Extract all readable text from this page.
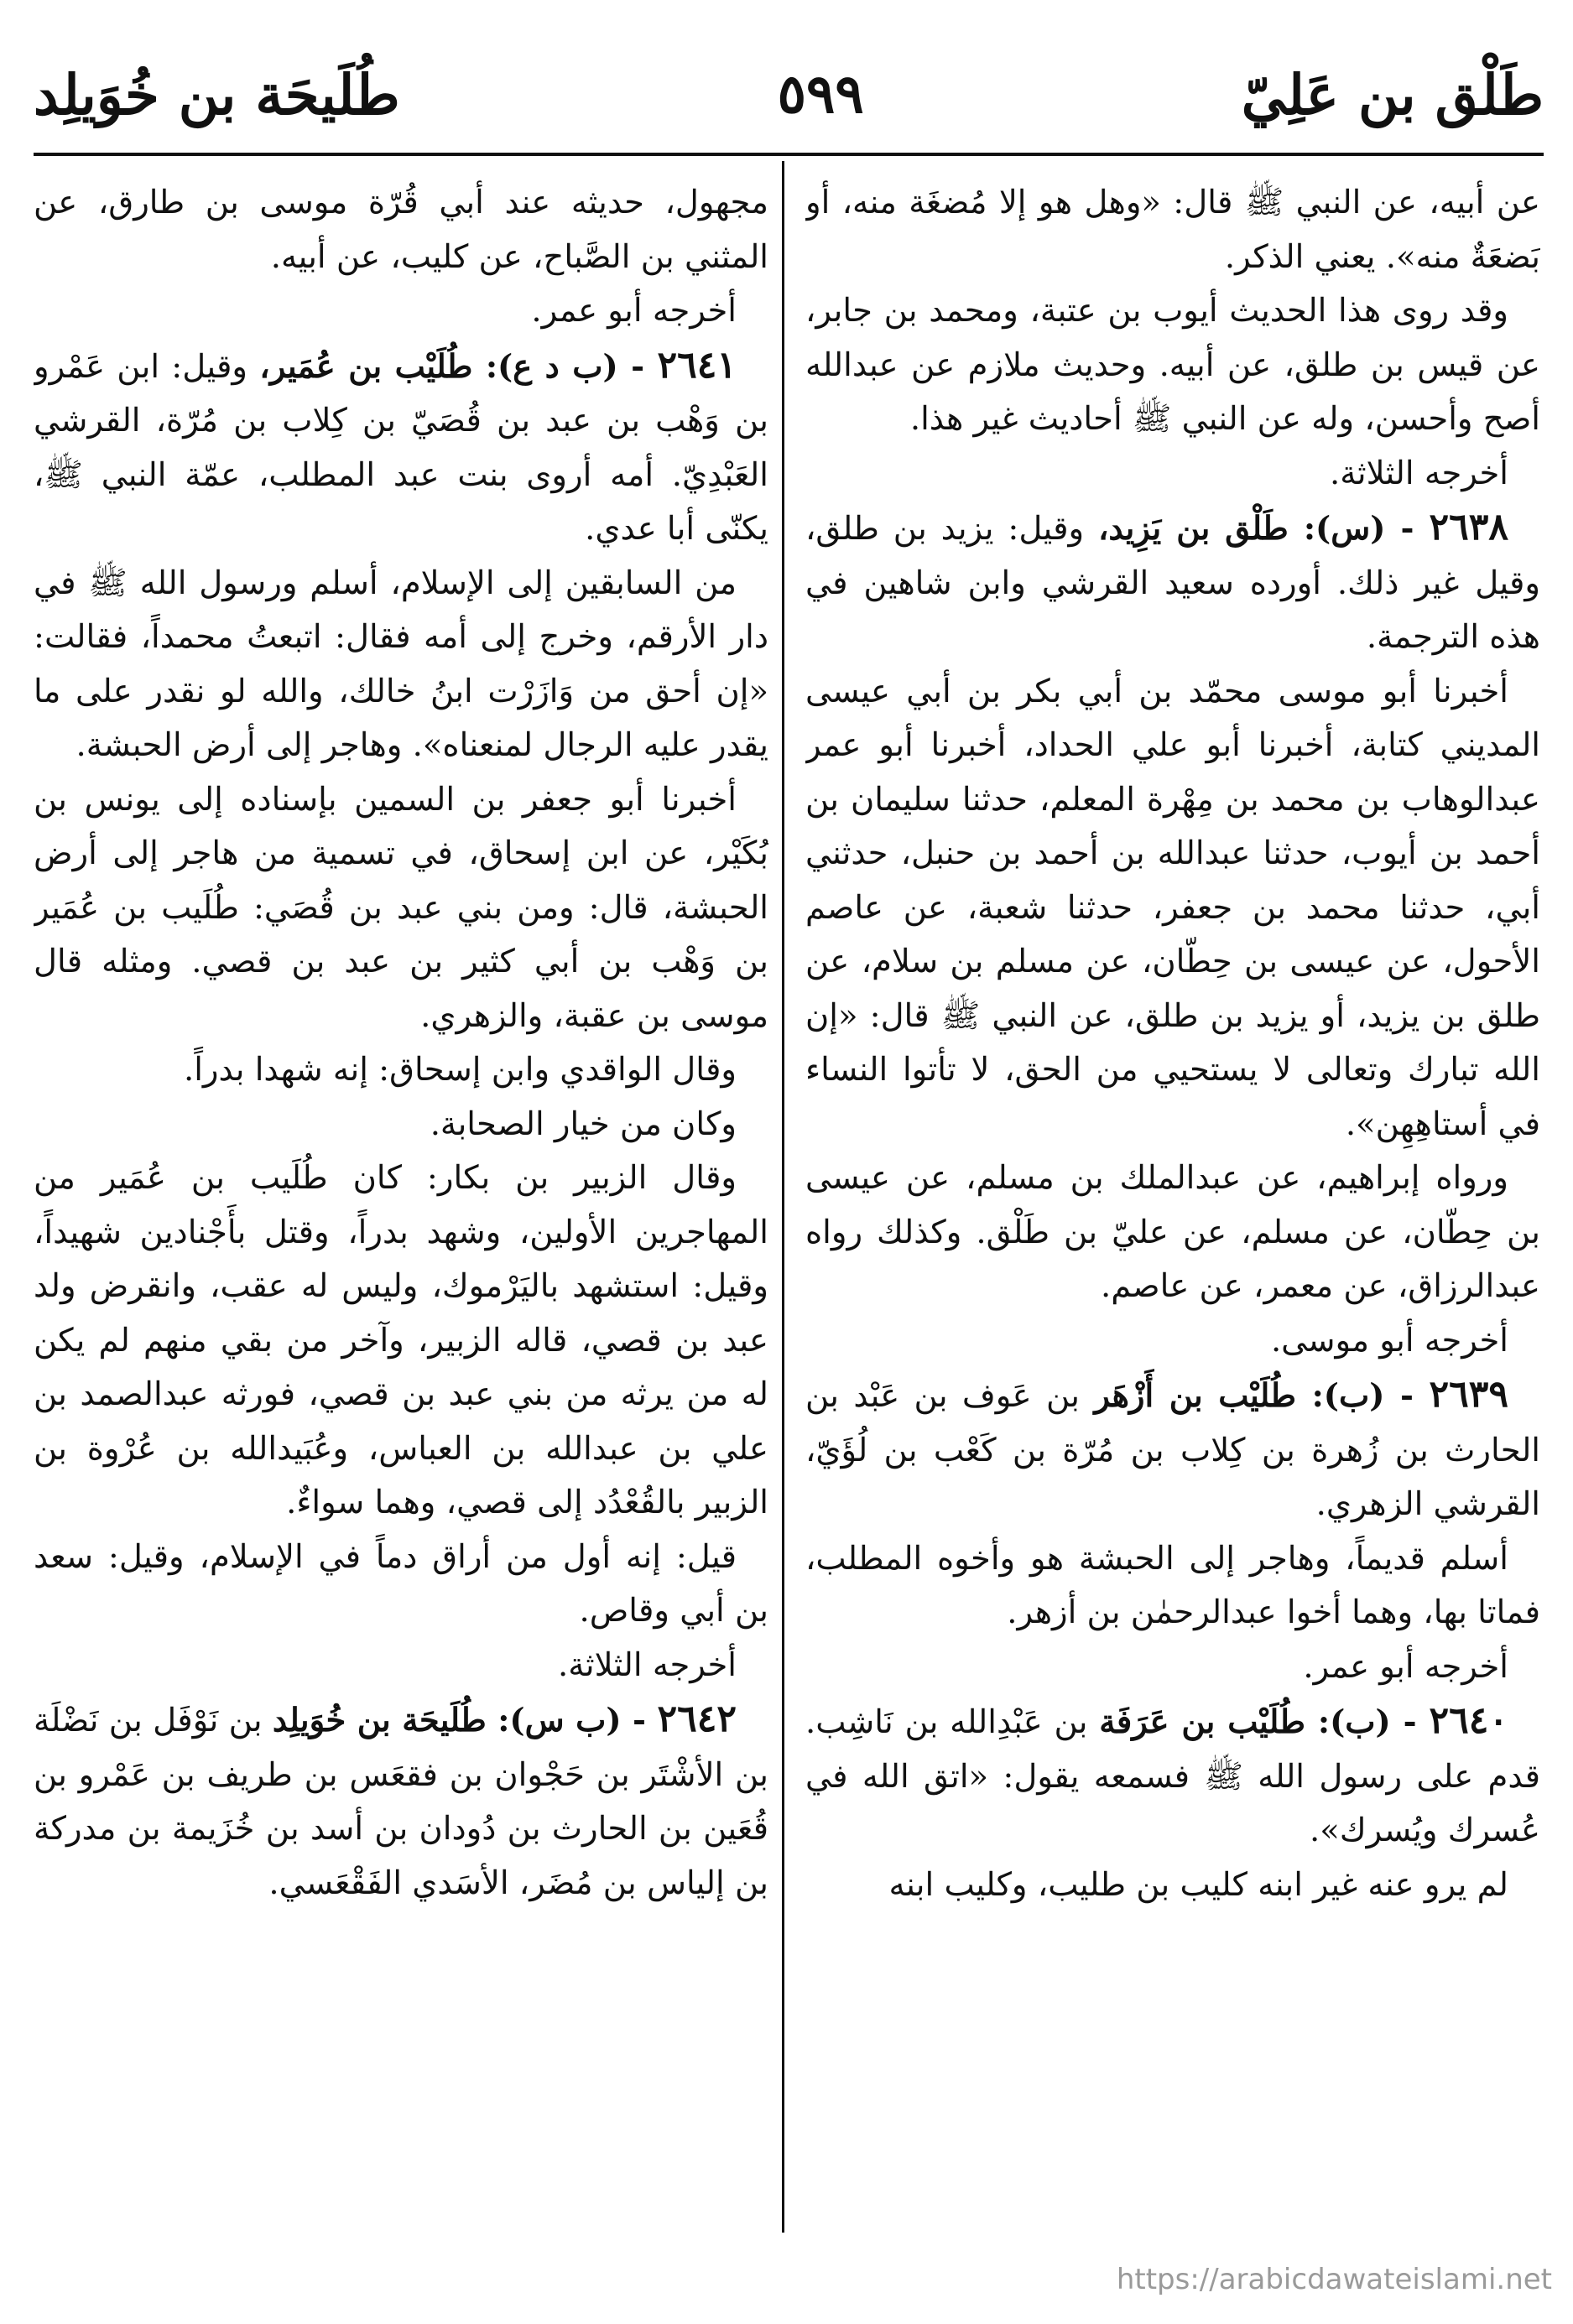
طَلْق بن عَلِيّ
٥٩٩
طُلَيحَة بن خُوَيلِد

عن أبيه، عن النبي ﷺ قال: «وهل هو إلا مُضغَة منه، أو بَضعَةٌ منه». يعني الذكر.

وقد روى هذا الحديث أيوب بن عتبة، ومحمد بن جابر، عن قيس بن طلق، عن أبيه. وحديث ملازم عن عبدالله أصح وأحسن، وله عن النبي ﷺ أحاديث غير هذا.

أخرجه الثلاثة.

٢٦٣٨ - (س): طَلْق بن يَزِيد، وقيل: يزيد بن طلق، وقيل غير ذلك. أورده سعيد القرشي وابن شاهين في هذه الترجمة.

أخبرنا أبو موسى محمّد بن أبي بكر بن أبي عيسى المديني كتابة، أخبرنا أبو علي الحداد، أخبرنا أبو عمر عبدالوهاب بن محمد بن مِهْرة المعلم، حدثنا سليمان بن أحمد بن أيوب، حدثنا عبدالله بن أحمد بن حنبل، حدثني أبي، حدثنا محمد بن جعفر، حدثنا شعبة، عن عاصم الأحول، عن عيسى بن حِطّان، عن مسلم بن سلام، عن طلق بن يزيد، أو يزيد بن طلق، عن النبي ﷺ قال: «إن الله تبارك وتعالى لا يستحيي من الحق، لا تأتوا النساء في أستاهِهِن».

ورواه إبراهيم، عن عبدالملك بن مسلم، عن عيسى بن حِطّان، عن مسلم، عن عليّ بن طَلْق. وكذلك رواه عبدالرزاق، عن معمر، عن عاصم.

أخرجه أبو موسى.

٢٦٣٩ - (ب): طُلَيْب بن أَزْهَر بن عَوف بن عَبْد بن الحارث بن زُهرة بن كِلاب بن مُرّة بن كَعْب بن لُؤَيّ، القرشي الزهري.

أسلم قديماً، وهاجر إلى الحبشة هو وأخوه المطلب، فماتا بها، وهما أخوا عبدالرحمٰن بن أزهر.

أخرجه أبو عمر.

٢٦٤٠ - (ب): طُلَيْب بن عَرَفَة بن عَبْدِالله بن نَاشِب. قدم على رسول الله ﷺ فسمعه يقول: «اتق الله في عُسرك ويُسرك».

لم يرو عنه غير ابنه كليب بن طليب، وكليب ابنه

مجهول، حديثه عند أبي قُرّة موسى بن طارق، عن المثني بن الصَّباح، عن كليب، عن أبيه.

أخرجه أبو عمر.

٢٦٤١ - (ب د ع): طُلَيْب بن عُمَير، وقيل: ابن عَمْرو بن وَهْب بن عبد بن قُصَيّ بن كِلاب بن مُرّة، القرشي العَبْدِيّ. أمه أروى بنت عبد المطلب، عمّة النبي ﷺ، يكنّى أبا عدي.

من السابقين إلى الإسلام، أسلم ورسول الله ﷺ في دار الأرقم، وخرج إلى أمه فقال: اتبعتُ محمداً، فقالت: «إن أحق من وَازَرْت ابنُ خالك، والله لو نقدر على ما يقدر عليه الرجال لمنعناه». وهاجر إلى أرض الحبشة.

أخبرنا أبو جعفر بن السمين بإسناده إلى يونس بن بُكَيْر، عن ابن إسحاق، في تسمية من هاجر إلى أرض الحبشة، قال: ومن بني عبد بن قُصَي: طُلَيب بن عُمَير بن وَهْب بن أبي كثير بن عبد بن قصي. ومثله قال موسى بن عقبة، والزهري.

وقال الواقدي وابن إسحاق: إنه شهدا بدراً.

وكان من خيار الصحابة.

وقال الزبير بن بكار: كان طُلَيب بن عُمَير من المهاجرين الأولين، وشهد بدراً، وقتل بأَجْنادين شهيداً، وقيل: استشهد باليَرْموك، وليس له عقب، وانقرض ولد عبد بن قصي، قاله الزبير، وآخر من بقي منهم لم يكن له من يرثه من بني عبد بن قصي، فورثه عبدالصمد بن علي بن عبدالله بن العباس، وعُبَيدالله بن عُرْوة بن الزبير بالقُعْدُد إلى قصي، وهما سواءٌ.

قيل: إنه أول من أراق دماً في الإسلام، وقيل: سعد بن أبي وقاص.

أخرجه الثلاثة.

٢٦٤٢ - (ب س): طُلَيحَة بن خُوَيلِد بن نَوْفَل بن نَضْلَة بن الأشْتَر بن حَجْوان بن فقعَس بن طريف بن عَمْرو بن قُعَين بن الحارث بن دُودان بن أسد بن خُزَيمة بن مدركة بن إلياس بن مُضَر، الأسَدي الفَقْعَسي.

https://arabicdawateislami.net
